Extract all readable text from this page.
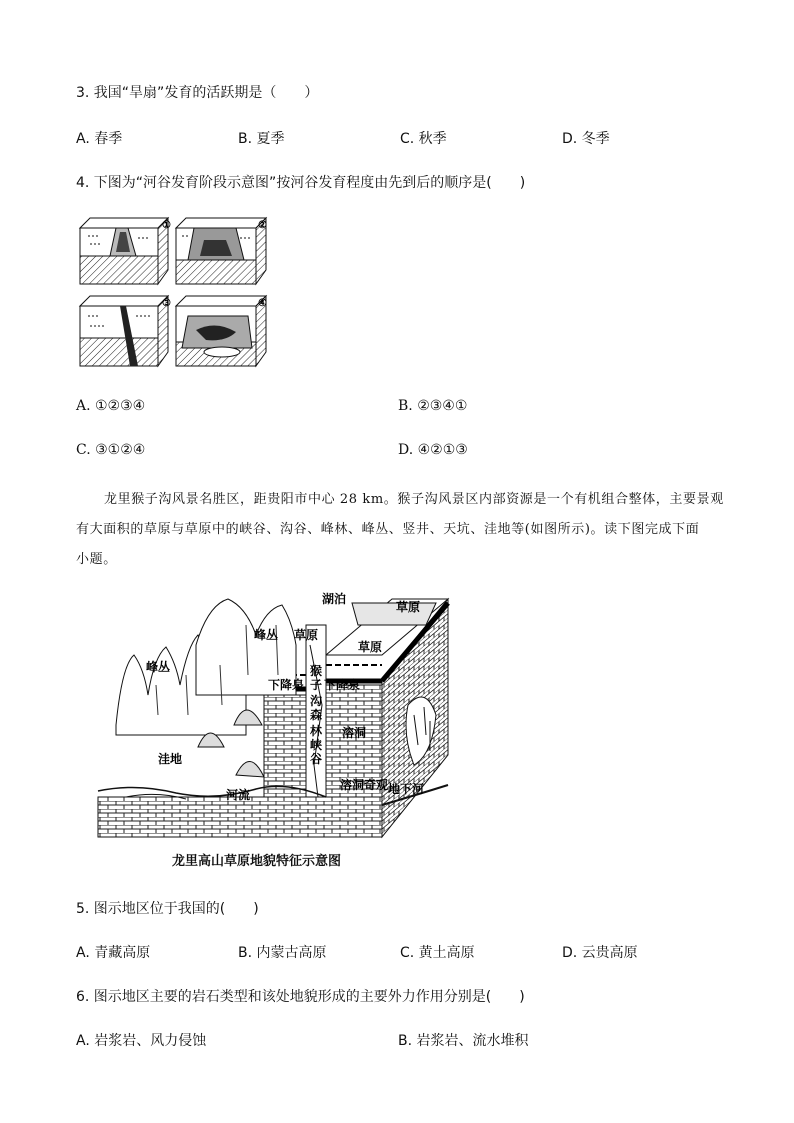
3. 我国“旱扇”发育的活跃期是（　　）
A. 春季	B. 夏季	C. 秋季	D. 冬季
4. 下图为“河谷发育阶段示意图”按河谷发育程度由先到后的顺序是(　　)
①	②
③	④
A. ①②③④	B. ②③④①
C. ③①②④	D. ④②①③
龙里猴子沟风景名胜区，距贵阳市中心 28 km。猴子沟风景区内部资源是一个有机组合整体，主要景观
有大面积的草原与草原中的峡谷、沟谷、峰林、峰丛、竖井、天坑、洼地等(如图所示)。读下图完成下面
小题。
湖泊
草原
峰丛 草原
草原
峰丛	猴
子
沟
森
林
峡
谷
下降泉 下降泉
溶洞
洼地
溶洞奇观 地下河
河流
龙里高山草原地貌特征示意图
5. 图示地区位于我国的(　　)
A. 青藏高原	B. 内蒙古高原	C. 黄土高原	D. 云贵高原
6. 图示地区主要的岩石类型和该处地貌形成的主要外力作用分别是(　　)
A. 岩浆岩、风力侵蚀	B. 岩浆岩、流水堆积
